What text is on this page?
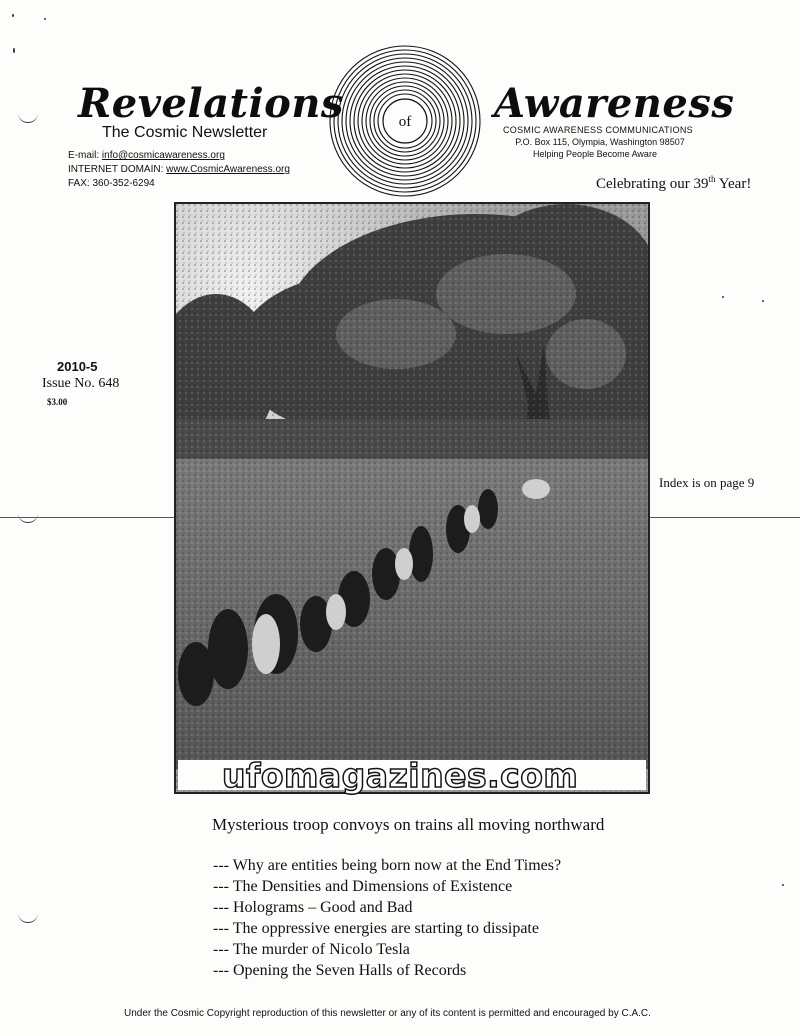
Revelations	of Awareness
The Cosmic Newsletter
E-mail: info@cosmicawareness.org
INTERNET DOMAIN: www.CosmicAwareness.org
FAX: 360-352-6294
COSMIC AWARENESS COMMUNICATIONS
P.O. Box 115, Olympia, Washington 98507
Helping People Become Aware
Celebrating our 39th Year!
2010-5
Issue No. 648
$3.00
Index is on page 9
ufomagazines.com
Mysterious troop convoys on trains all moving northward
--- Why are entities being born now at the End Times?
--- The Densities and Dimensions of Existence
--- Holograms – Good and Bad
--- The oppressive energies are starting to dissipate
--- The murder of Nicolo Tesla
--- Opening the Seven Halls of Records
Under the Cosmic Copyright reproduction of this newsletter or any of its content is permitted and encouraged by C.A.C.
